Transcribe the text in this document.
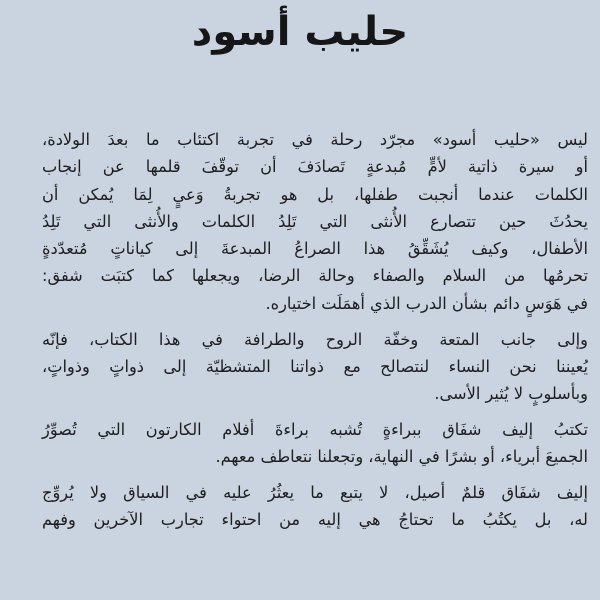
حليب أسود
ليس «حليب أسود» مجرّد رحلة في تجربة اكتئاب ما بعدَ الولادة،
أو سيرة ذاتية لأمٍّ مُبدعةٍ تَصادَفَ أن توقّفَ قلمها عن إنجاب
الكلمات عندما أنجبت طفلها، بل هو تجربةُ وَعيٍ لِمَا يُمكن أن
يحدُثَ حين تتصارع الأُنثى التي تَلِدُ الكلمات والأُنثى التي تَلِدُ
الأطفال، وكيف يُشَقِّقُ هذا الصراعُ المبدعةَ إلى كياناتٍ مُتعدّدةٍ
تحرمُها من السلام والصفاء وحالة الرضا، ويجعلها كما كتبَت شفق:
في هَوَسٍ دائم بشأن الدرب الذي أهمَلَت اختياره.
وإلى جانب المتعة وخفّة الروح والطرافة في هذا الكتاب، فإنّه
يُعيننا نحن النساء لنتصالح مع ذواتنا المتشظيّة إلى ذواتٍ وذواتٍ،
وبأسلوبٍ لا يُثير الأسى.
تكتبُ إليف شفَاق ببراءةٍ تُشبه براءةَ أفلام الكارتون التي تُصوِّرُ
الجميعَ أبرياء، أو بشرًا في النهاية، وتجعلنا نتعاطف معهم.
إليف شفَاق قلمٌ أصيل، لا يتبع ما يعثُرُ عليه في السياق ولا يُروِّج
له، بل يكتُبُ ما تحتاجُ هي إليه من احتواء تجارب الآخرين وفهم
